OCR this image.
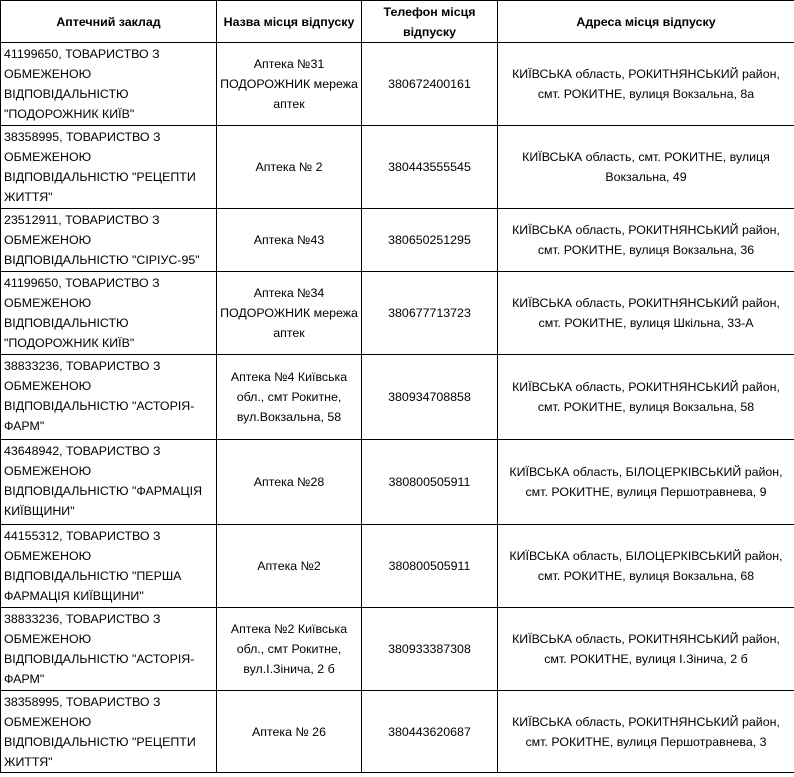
Аптечний заклад	Назва місця відпуску	Телефон місця відпуску	Адреса місця відпуску
41199650, ТОВАРИСТВО З ОБМЕЖЕНОЮ ВІДПОВІДАЛЬНІСТЮ "ПОДОРОЖНИК КИЇВ"	Аптека №31 ПОДОРОЖНИК мережа аптек	380672400161	КИЇВСЬКА область, РОКИТНЯНСЬКИЙ район, смт. РОКИТНЕ, вулиця Вокзальна, 8а
38358995, ТОВАРИСТВО З ОБМЕЖЕНОЮ ВІДПОВІДАЛЬНІСТЮ "РЕЦЕПТИ ЖИТТЯ"	Аптека № 2	380443555545	КИЇВСЬКА область, смт. РОКИТНЕ, вулиця Вокзальна, 49
23512911, ТОВАРИСТВО З ОБМЕЖЕНОЮ ВІДПОВІДАЛЬНІСТЮ "СІРІУС-95"	Аптека №43	380650251295	КИЇВСЬКА область, РОКИТНЯНСЬКИЙ район, смт. РОКИТНЕ, вулиця Вокзальна, 36
41199650, ТОВАРИСТВО З ОБМЕЖЕНОЮ ВІДПОВІДАЛЬНІСТЮ "ПОДОРОЖНИК КИЇВ"	Аптека №34 ПОДОРОЖНИК мережа аптек	380677713723	КИЇВСЬКА область, РОКИТНЯНСЬКИЙ район, смт. РОКИТНЕ, вулиця Шкільна, 33-А
38833236, ТОВАРИСТВО З ОБМЕЖЕНОЮ ВІДПОВІДАЛЬНІСТЮ "АСТОРІЯ-ФАРМ"	Аптека №4 Київська обл., смт Рокитне, вул.Вокзальна, 58	380934708858	КИЇВСЬКА область, РОКИТНЯНСЬКИЙ район, смт. РОКИТНЕ, вулиця Вокзальна, 58
43648942, ТОВАРИСТВО З ОБМЕЖЕНОЮ ВІДПОВІДАЛЬНІСТЮ "ФАРМАЦІЯ КИЇВЩИНИ"	Аптека №28	380800505911	КИЇВСЬКА область, БІЛОЦЕРКІВСЬКИЙ район, смт. РОКИТНЕ, вулиця Першотравнева, 9
44155312, ТОВАРИСТВО З ОБМЕЖЕНОЮ ВІДПОВІДАЛЬНІСТЮ "ПЕРША ФАРМАЦІЯ КИЇВЩИНИ"	Аптека №2	380800505911	КИЇВСЬКА область, БІЛОЦЕРКІВСЬКИЙ район, смт. РОКИТНЕ, вулиця Вокзальна, 68
38833236, ТОВАРИСТВО З ОБМЕЖЕНОЮ ВІДПОВІДАЛЬНІСТЮ "АСТОРІЯ-ФАРМ"	Аптека №2 Київська обл., смт Рокитне, вул.І.Зінича, 2 б	380933387308	КИЇВСЬКА область, РОКИТНЯНСЬКИЙ район, смт. РОКИТНЕ, вулиця І.Зінича, 2 б
38358995, ТОВАРИСТВО З ОБМЕЖЕНОЮ ВІДПОВІДАЛЬНІСТЮ "РЕЦЕПТИ ЖИТТЯ"	Аптека № 26	380443620687	КИЇВСЬКА область, РОКИТНЯНСЬКИЙ район, смт. РОКИТНЕ, вулиця Першотравнева, 3
